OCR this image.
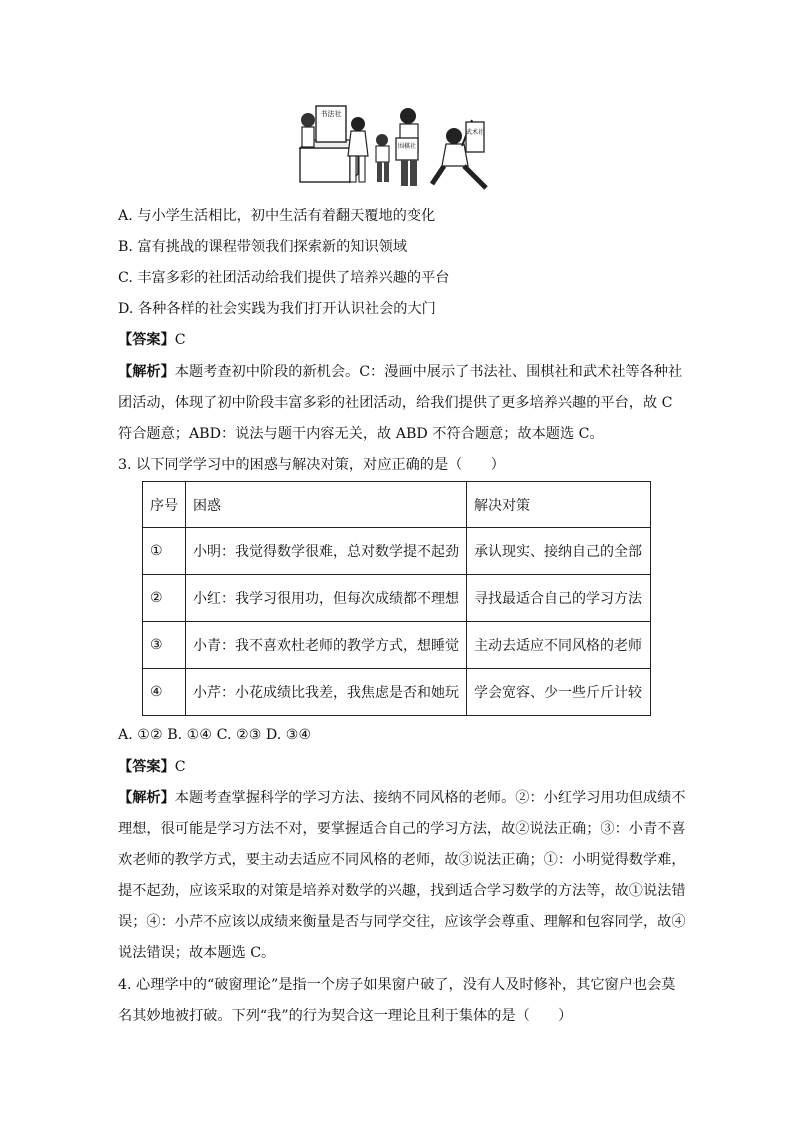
书法社
围棋社
武术社
A. 与小学生活相比，初中生活有着翻天覆地的变化
B. 富有挑战的课程带领我们探索新的知识领域
C. 丰富多彩的社团活动给我们提供了培养兴趣的平台
D. 各种各样的社会实践为我们打开认识社会的大门
【答案】C
【解析】本题考查初中阶段的新机会。C：漫画中展示了书法社、围棋社和武术社等各种社
团活动，体现了初中阶段丰富多彩的社团活动，给我们提供了更多培养兴趣的平台，故 C
符合题意；ABD：说法与题干内容无关，故 ABD 不符合题意；故本题选 C。
3. 以下同学学习中的困惑与解决对策，对应正确的是（　　）
序号	困惑	解决对策
①	小明：我觉得数学很难，总对数学提不起劲	承认现实、接纳自己的全部
②	小红：我学习很用功，但每次成绩都不理想	寻找最适合自己的学习方法
③	小青：我不喜欢杜老师的教学方式，想睡觉	主动去适应不同风格的老师
④	小芹：小花成绩比我差，我焦虑是否和她玩	学会宽容、少一些斤斤计较
A. ①② B. ①④ C. ②③ D. ③④
【答案】C
【解析】本题考查掌握科学的学习方法、接纳不同风格的老师。②：小红学习用功但成绩不
理想，很可能是学习方法不对，要掌握适合自己的学习方法，故②说法正确；③：小青不喜
欢老师的教学方式，要主动去适应不同风格的老师，故③说法正确；①：小明觉得数学难，
提不起劲，应该采取的对策是培养对数学的兴趣，找到适合学习数学的方法等，故①说法错
误；④：小芹不应该以成绩来衡量是否与同学交往，应该学会尊重、理解和包容同学，故④
说法错误；故本题选 C。
4. 心理学中的“破窗理论”是指一个房子如果窗户破了，没有人及时修补，其它窗户也会莫
名其妙地被打破。下列“我”的行为契合这一理论且利于集体的是（　　）
